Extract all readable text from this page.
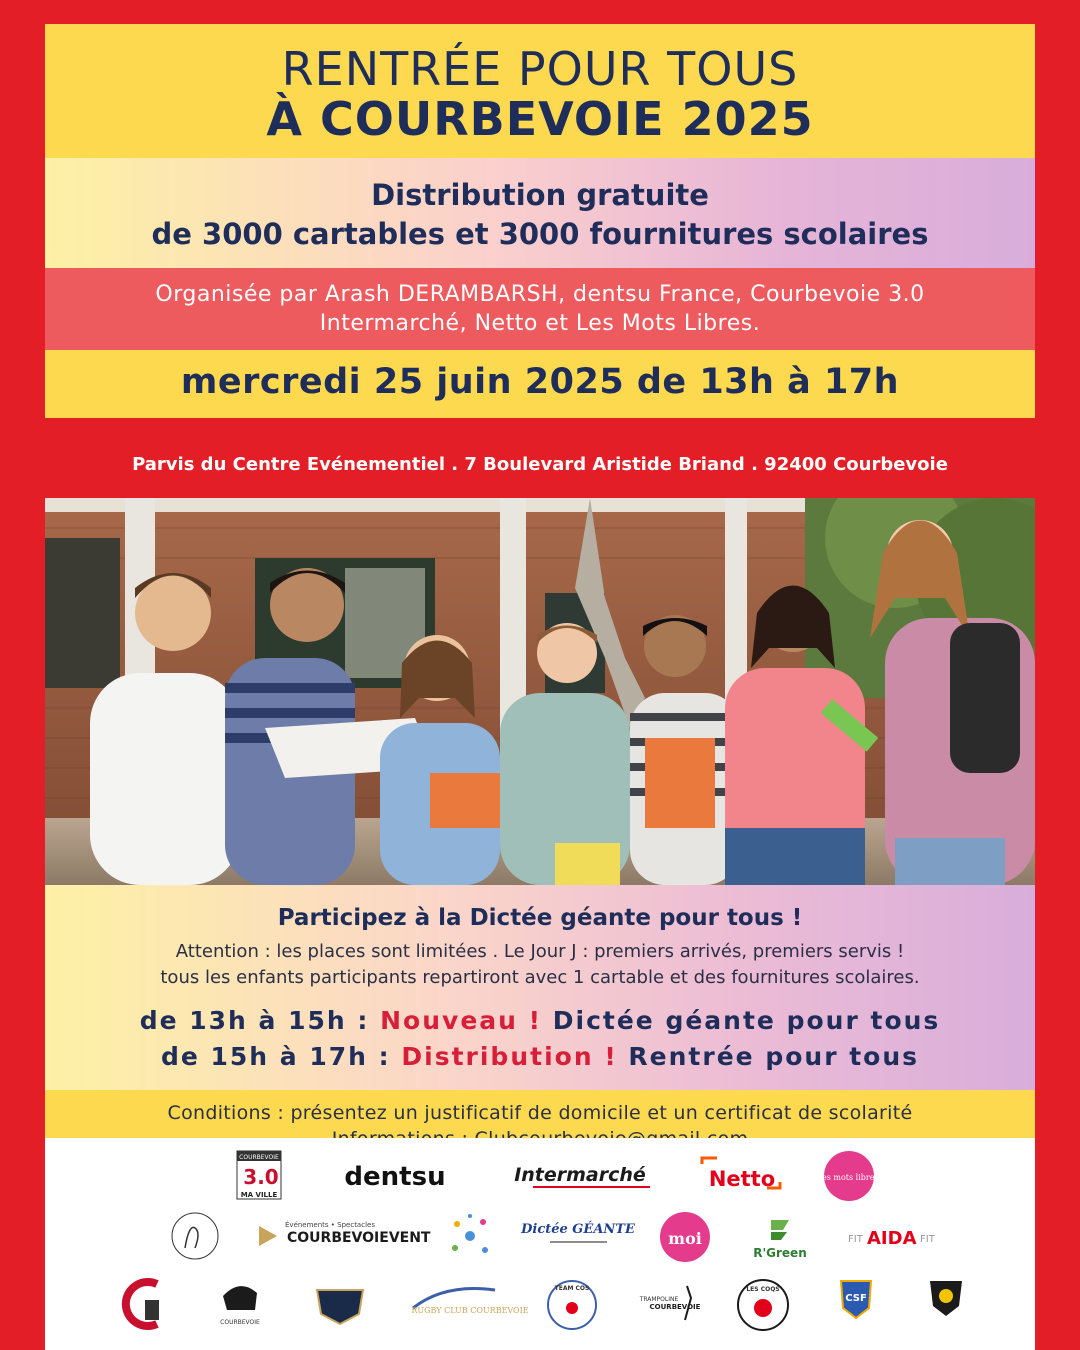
RENTRÉE POUR TOUS
À COURBEVOIE 2025
Distribution gratuite
de 3000 cartables et 3000 fournitures scolaires
Organisée par Arash DERAMBARSH, dentsu France, Courbevoie 3.0
Intermarché, Netto et Les Mots Libres.
mercredi 25 juin 2025 de 13h à 17h
Parvis du Centre Evénementiel . 7 Boulevard Aristide Briand . 92400 Courbevoie
Participez à la Dictée géante pour tous !
Attention : les places sont limitées . Le Jour J : premiers arrivés, premiers servis !
tous les enfants participants repartiront avec 1 cartable et des fournitures scolaires.
de 13h à 15h : Nouveau ! Dictée géante pour tous
de 15h à 17h : Distribution ! Rentrée pour tous
Conditions : présentez un justificatif de domicile et un certificat de scolarité
COURBEVOIE
3.0
MA VILLE
dentsu	Intermarché	Netto	les mots libres
Événements • Spectacles
COURBEVOIEVENT
Dictée GÉANTE moi
R'Green
FIT AIDA FIT
COURBEVOIE
RUGBY CLUB COURBEVOIE
TEAM COS
TRAMPOLINE
COURBEVOIE
LES COQS
CSF
